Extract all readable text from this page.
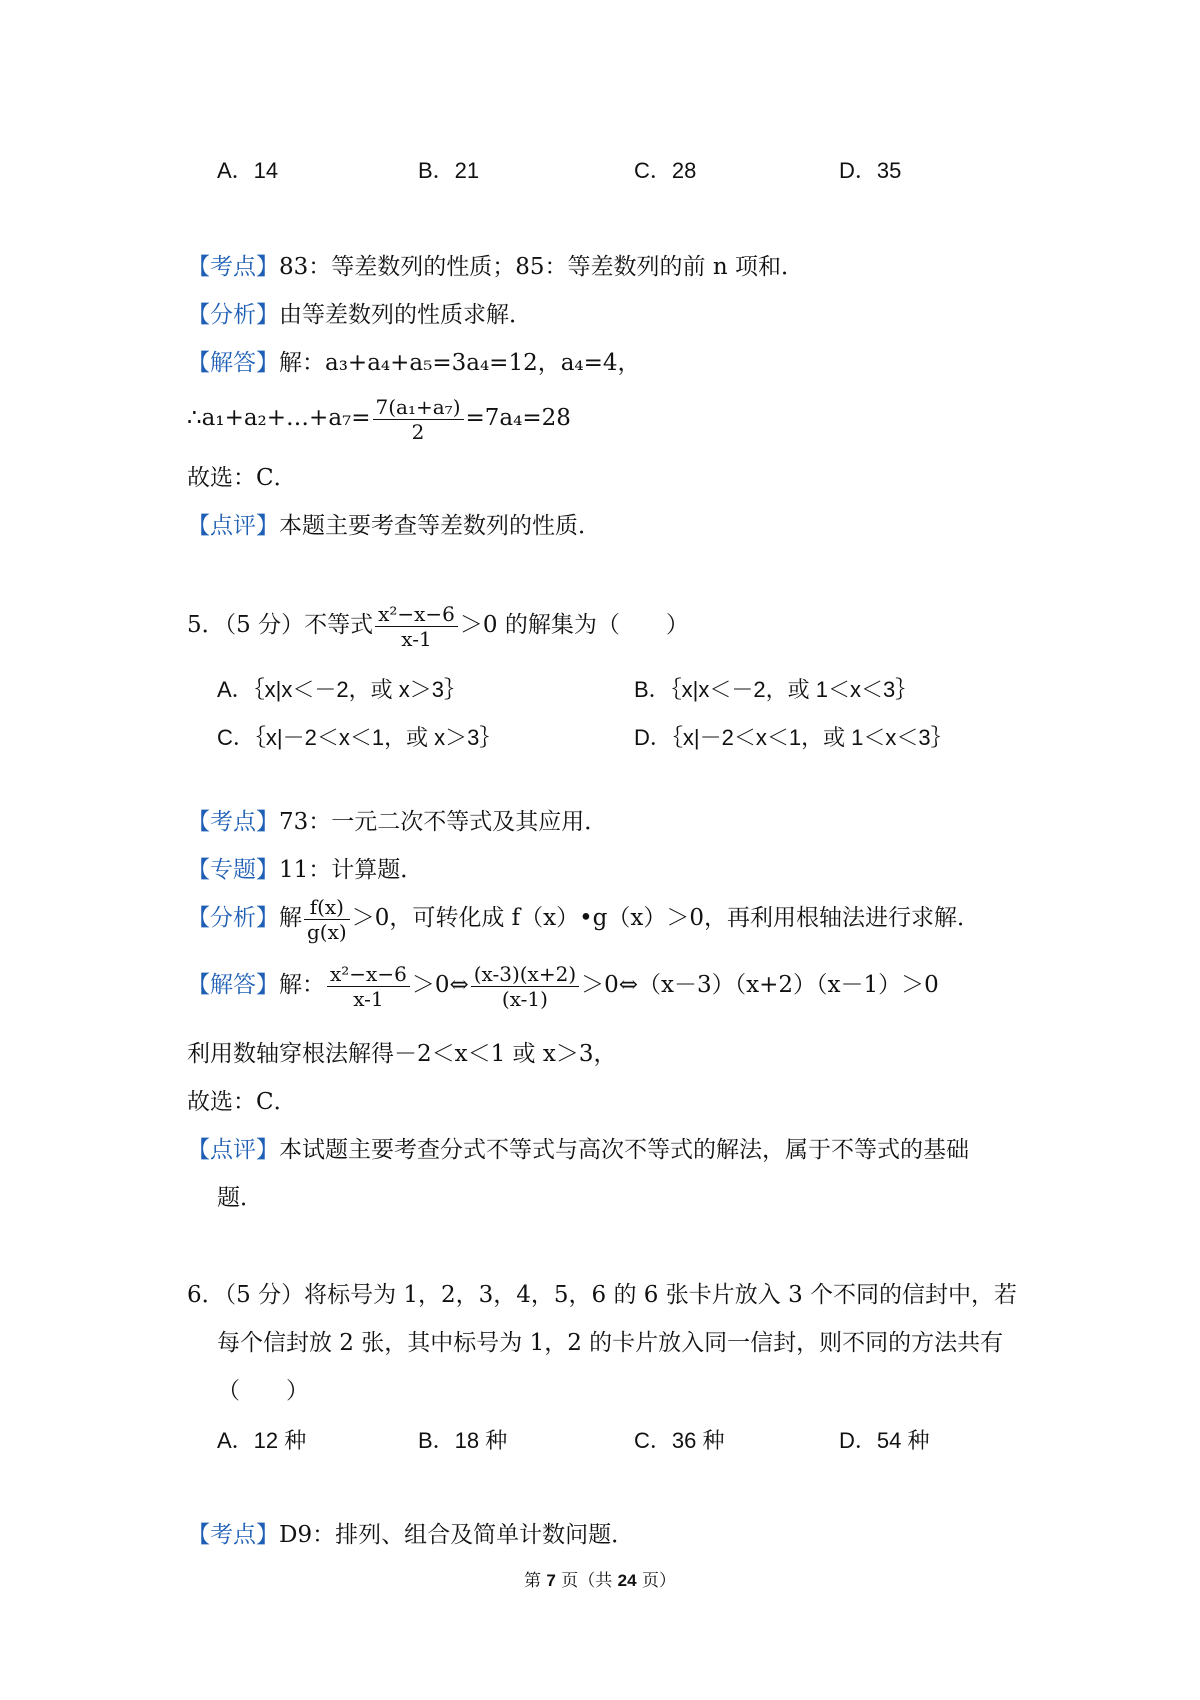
A．14	B．21	C．28	D．35
【考点】83：等差数列的性质；85：等差数列的前 n 项和．
【分析】由等差数列的性质求解．
【解答】解：a₃+a₄+a₅=3a₄=12，a₄=4，
∴a₁+a₂+…+a₇= $\frac{\text{7(a₁+a₇)}}{2} =7a_4=28$
故选：C．
【点评】本题主要考查等差数列的性质．
5．（5 分）不等式 $\frac{\text{x²−x−6}}{x-1} >0$ 的解集为（　　）
A．｛x|x＜－2，或 x＞3｝	B．｛x|x＜－2，或 1＜x＜3｝
C．｛x|－2＜x＜1，或 x＞3｝	D．｛x|－2＜x＜1，或 1＜x＜3｝
【考点】73：一元二次不等式及其应用．
【专题】11：计算题．
【分析】解 $\frac{f(x)}{g(x)} >0$，可转化成 f（x）•g（x）＞0，再利用根轴法进行求解．
【解答】解： $\frac{\text{x²−x−6}}{x-1}$ ＞0⇔ $\frac{(x-3)(x+2)}{(x-1)}$ ＞0⇔（x－3）（x+2）（x－1）＞0
利用数轴穿根法解得－2＜x＜1 或 x＞3，
故选：C．
【点评】本试题主要考查分式不等式与高次不等式的解法，属于不等式的基础
题．
6．（5 分）将标号为 1，2，3，4，5，6 的 6 张卡片放入 3 个不同的信封中，若
每个信封放 2 张，其中标号为 1，2 的卡片放入同一信封，则不同的方法共有
（　　）
A．12 种	B．18 种	C．36 种	D．54 种
【考点】D9：排列、组合及简单计数问题．
第 7 页（共 24 页）
